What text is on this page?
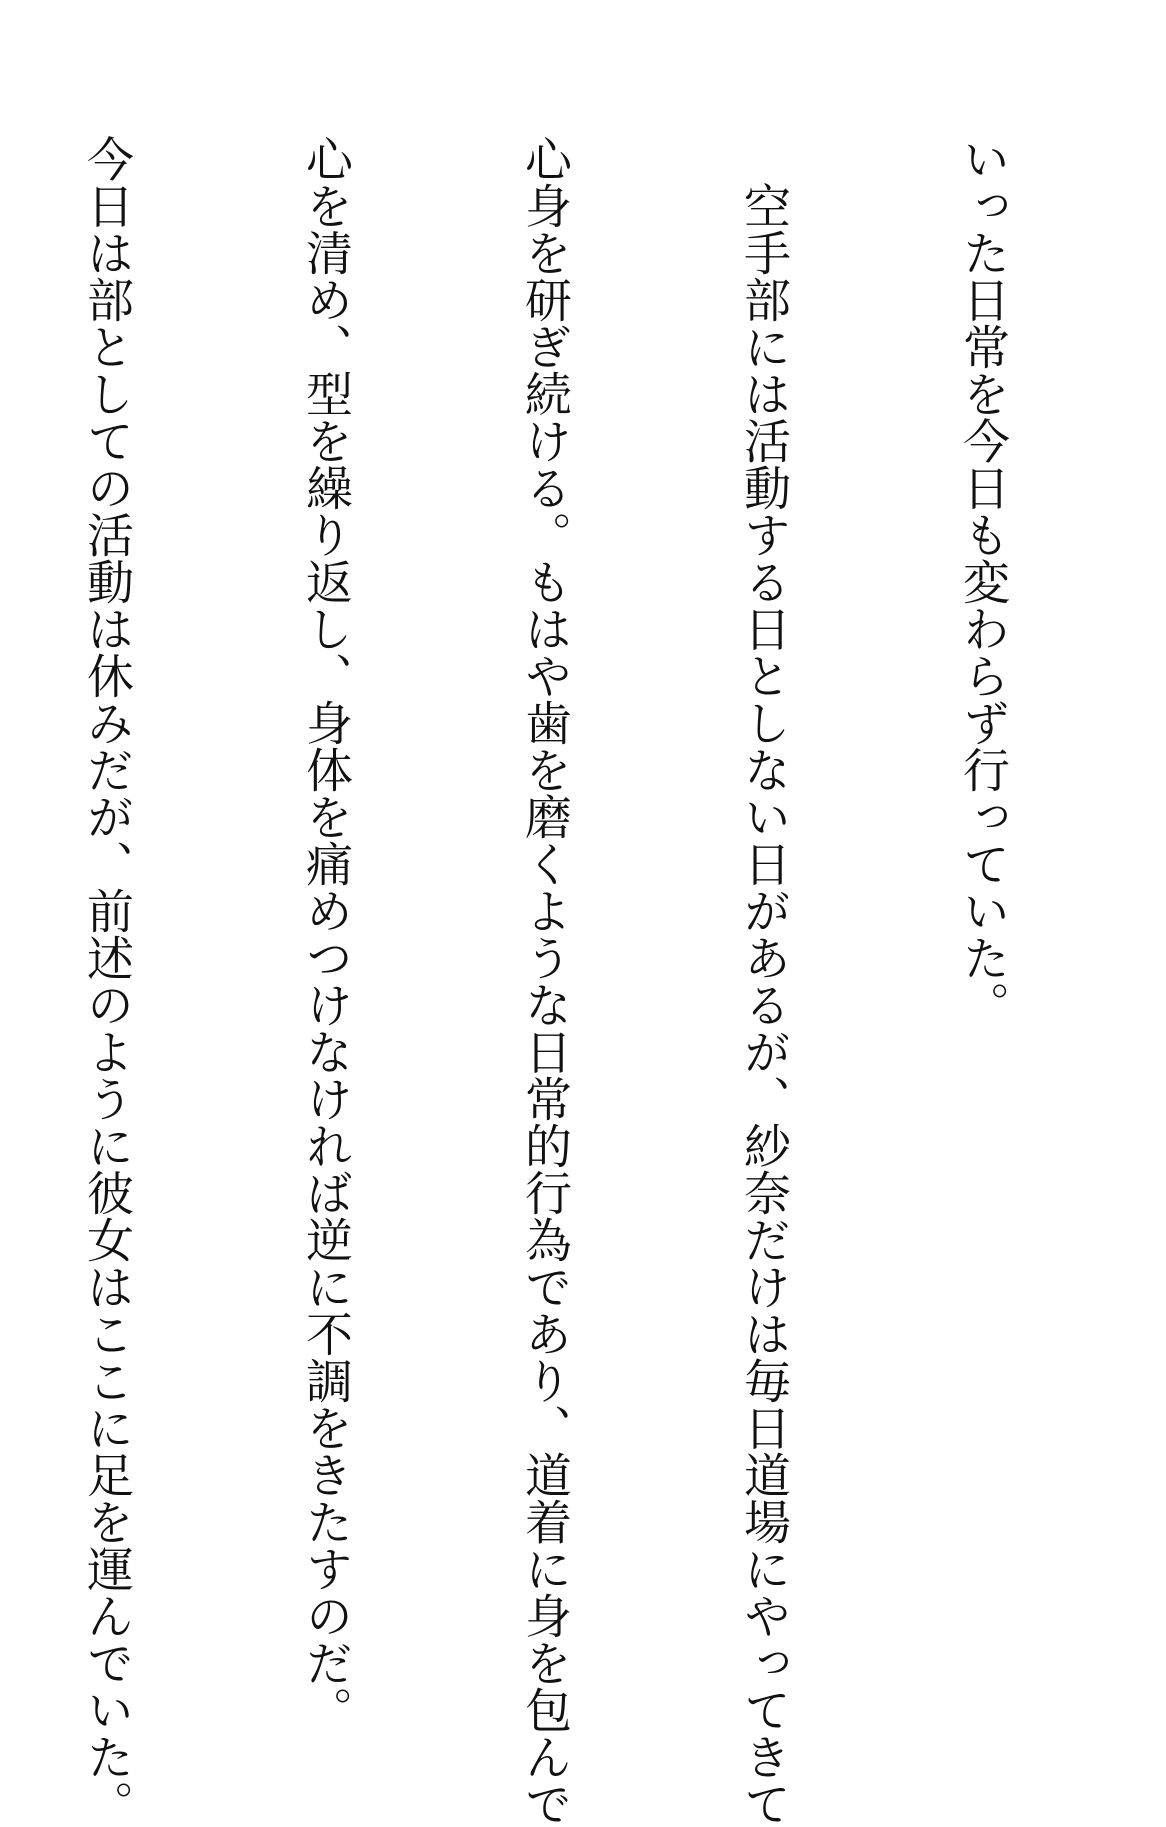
いった日常を今日も変わらず行っていた。

空手部には活動する日としない日があるが、紗奈だけは毎日道場にやってきて

心身を研ぎ続ける。もはや歯を磨くような日常的行為であり、道着に身を包んで

心を清め、型を繰り返し、身体を痛めつけなければ逆に不調をきたすのだ。

今日は部としての活動は休みだが、前述のように彼女はここに足を運んでいた。
